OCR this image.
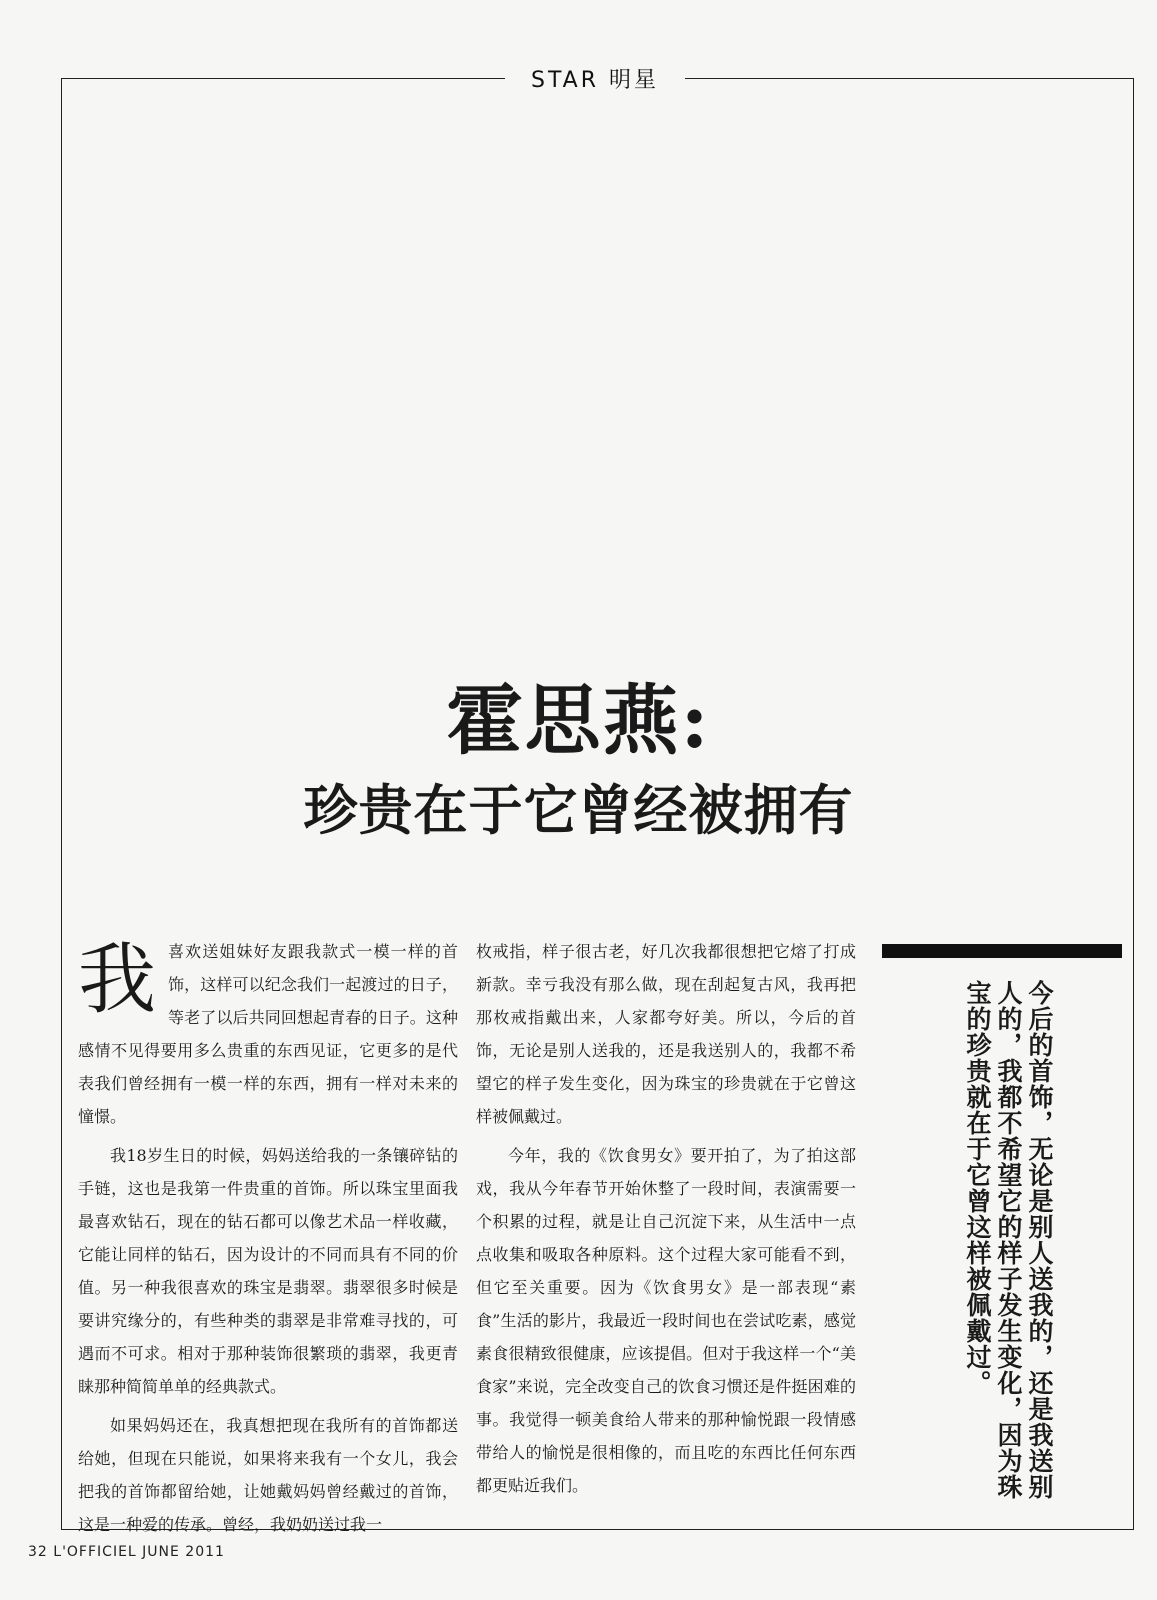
STAR 明星
霍思燕:
珍贵在于它曾经被拥有

我喜欢送姐妹好友跟我款式一模一样的首饰，这样可以纪念我们一起渡过的日子，等老了以后共同回想起青春的日子。这种感情不见得要用多么贵重的东西见证，它更多的是代表我们曾经拥有一模一样的东西，拥有一样对未来的憧憬。

我18岁生日的时候，妈妈送给我的一条镶碎钻的手链，这也是我第一件贵重的首饰。所以珠宝里面我最喜欢钻石，现在的钻石都可以像艺术品一样收藏，它能让同样的钻石，因为设计的不同而具有不同的价值。另一种我很喜欢的珠宝是翡翠。翡翠很多时候是要讲究缘分的，有些种类的翡翠是非常难寻找的，可遇而不可求。相对于那种装饰很繁琐的翡翠，我更青睐那种简简单单的经典款式。

如果妈妈还在，我真想把现在我所有的首饰都送给她，但现在只能说，如果将来我有一个女儿，我会把我的首饰都留给她，让她戴妈妈曾经戴过的首饰，这是一种爱的传承。曾经，我奶奶送过我一

枚戒指，样子很古老，好几次我都很想把它熔了打成新款。幸亏我没有那么做，现在刮起复古风，我再把那枚戒指戴出来，人家都夸好美。所以，今后的首饰，无论是别人送我的，还是我送别人的，我都不希望它的样子发生变化，因为珠宝的珍贵就在于它曾这样被佩戴过。

今年，我的《饮食男女》要开拍了，为了拍这部戏，我从今年春节开始休整了一段时间，表演需要一个积累的过程，就是让自己沉淀下来，从生活中一点点收集和吸取各种原料。这个过程大家可能看不到，但它至关重要。因为《饮食男女》是一部表现“素食”生活的影片，我最近一段时间也在尝试吃素，感觉素食很精致很健康，应该提倡。但对于我这样一个“美食家”来说，完全改变自己的饮食习惯还是件挺困难的事。我觉得一顿美食给人带来的那种愉悦跟一段情感带给人的愉悦是很相像的，而且吃的东西比任何东西都更贴近我们。	今后的首饰，无论是别人送我的，还是我送别人的，我都不希望它的样子发生变化，因为珠宝的珍贵就在于它曾这样被佩戴过。
32 L'OFFICIEL JUNE 2011
